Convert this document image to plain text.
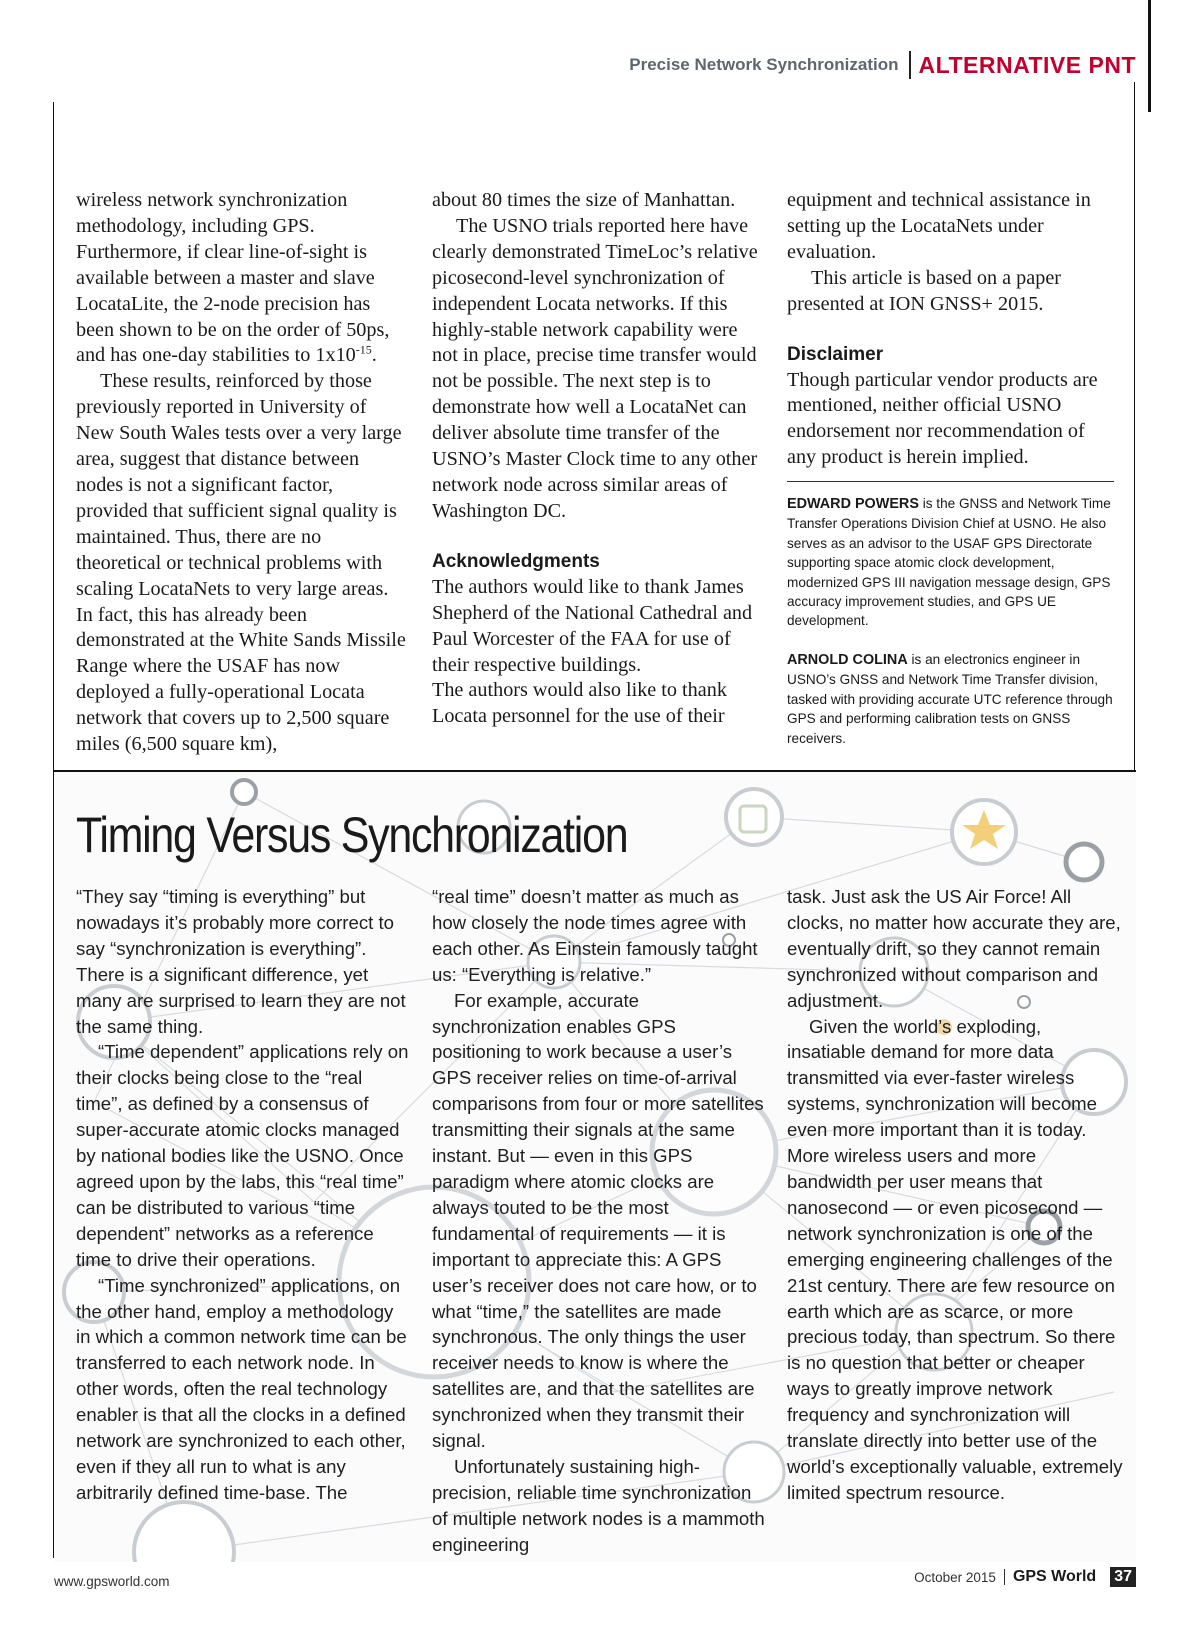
Precise Network Synchronization ALTERNATIVE PNT

wireless network synchronization methodology, including GPS. Furthermore, if clear line-of-sight is available between a master and slave LocataLite, the 2-node precision has been shown to be on the order of 50ps, and has one-day stabilities to $1x10^{-15}$.

These results, reinforced by those previously reported in University of New South Wales tests over a very large area, suggest that distance between nodes is not a significant factor, provided that sufficient signal quality is maintained. Thus, there are no theoretical or technical problems with scaling LocataNets to very large areas. In fact, this has already been demonstrated at the White Sands Missile Range where the USAF has now deployed a fully-operational Locata network that covers up to 2,500 square miles (6,500 square km),

about 80 times the size of Manhattan.

The USNO trials reported here have clearly demonstrated TimeLoc’s relative picosecond-level synchronization of independent Locata networks. If this highly-stable network capability were not in place, precise time transfer would not be possible. The next step is to demonstrate how well a LocataNet can deliver absolute time transfer of the USNO’s Master Clock time to any other network node across similar areas of Washington DC.

Acknowledgments

The authors would like to thank James Shepherd of the National Cathedral and Paul Worcester of the FAA for use of their respective buildings.

The authors would also like to thank Locata personnel for the use of their

equipment and technical assistance in setting up the LocataNets under evaluation.

This article is based on a paper presented at ION GNSS+ 2015.

Disclaimer

Though particular vendor products are mentioned, neither official USNO endorsement nor recommendation of any product is herein implied.

EDWARD POWERS is the GNSS and Network Time Transfer Operations Division Chief at USNO. He also serves as an advisor to the USAF GPS Directorate supporting space atomic clock development, modernized GPS III navigation message design, GPS accuracy improvement studies, and GPS UE development.
ARNOLD COLINA is an electronics engineer in USNO’s GNSS and Network Time Transfer division, tasked with providing accurate UTC reference through GPS and performing calibration tests on GNSS receivers.
Timing Versus Synchronization

“They say “timing is everything” but nowadays it’s probably more correct to say “synchronization is everything”. There is a significant difference, yet many are surprised to learn they are not the same thing.

“Time dependent” applications rely on their clocks being close to the “real time”, as defined by a consensus of super-accurate atomic clocks managed by national bodies like the USNO. Once agreed upon by the labs, this “real time” can be distributed to various “time dependent” networks as a reference time to drive their operations.

“Time synchronized” applications, on the other hand, employ a methodology in which a common network time can be transferred to each network node. In other words, often the real technology enabler is that all the clocks in a defined network are synchronized to each other, even if they all run to what is any arbitrarily defined time-base. The

“real time” doesn’t matter as much as how closely the node times agree with each other. As Einstein famously taught us: “Everything is relative.”

For example, accurate synchronization enables GPS positioning to work because a user’s GPS receiver relies on time-of-arrival comparisons from four or more satellites transmitting their signals at the same instant. But — even in this GPS paradigm where atomic clocks are always touted to be the most fundamental of requirements — it is important to appreciate this: A GPS user’s receiver does not care how, or to what “time,” the satellites are made synchronous. The only things the user receiver needs to know is where the satellites are, and that the satellites are synchronized when they transmit their signal.

Unfortunately sustaining high-precision, reliable time synchronization of multiple network nodes is a mammoth engineering

task. Just ask the US Air Force! All clocks, no matter how accurate they are, eventually drift, so they cannot remain synchronized without comparison and adjustment.

Given the world’s exploding, insatiable demand for more data transmitted via ever-faster wireless systems, synchronization will become even more important than it is today. More wireless users and more bandwidth per user means that nanosecond — or even picosecond — network synchronization is one of the emerging engineering challenges of the 21st century. There are few resource on earth which are as scarce, or more precious today, than spectrum. So there is no question that better or cheaper ways to greatly improve network frequency and synchronization will translate directly into better use of the world’s exceptionally valuable, extremely limited spectrum resource.

www.gpsworld.com	October 2015 GPS World 37
